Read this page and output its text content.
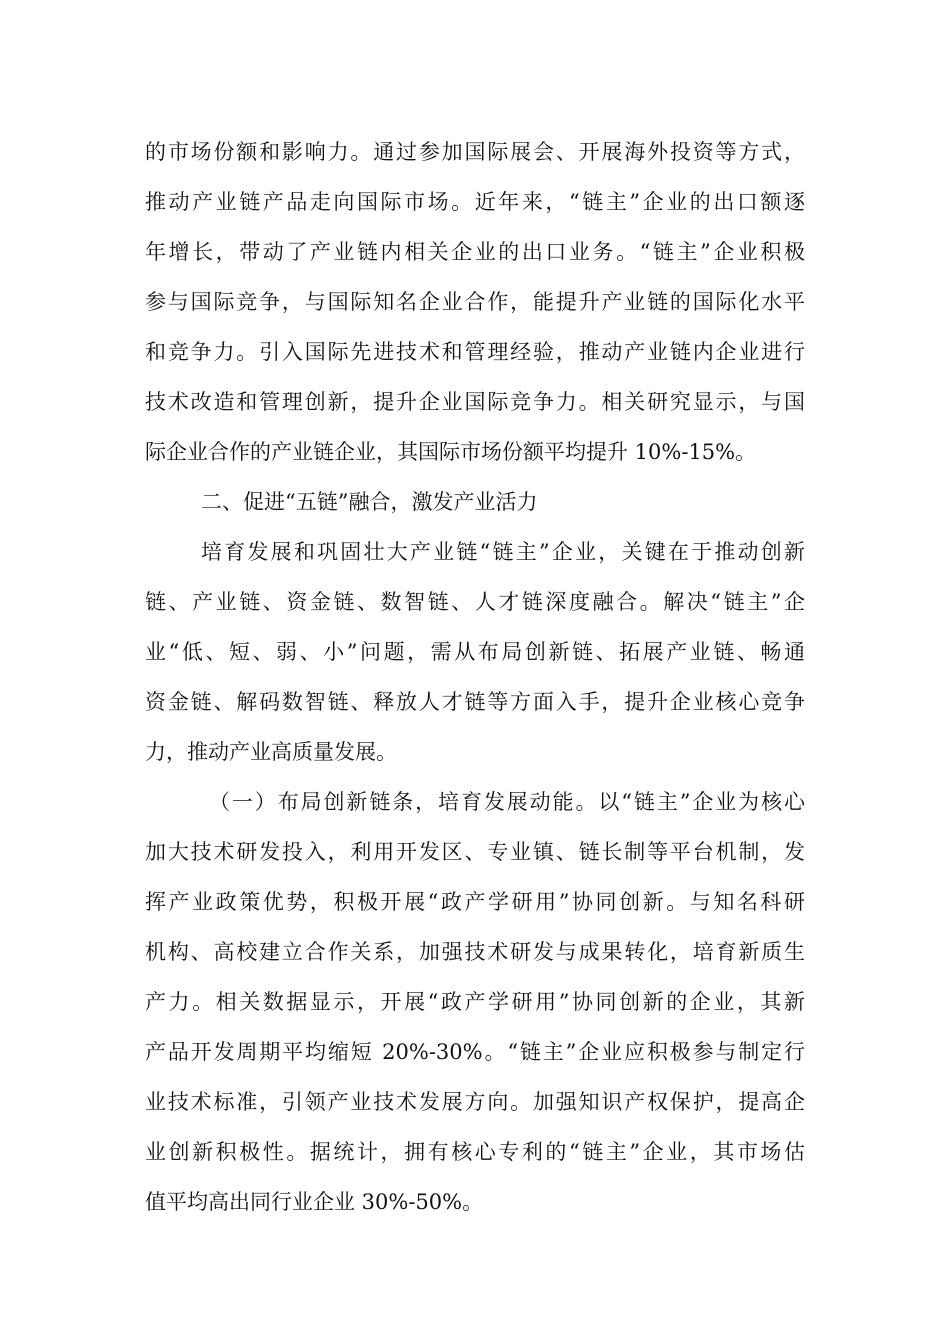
的市场份额和影响力。通过参加国际展会、开展海外投资等方式，
推动产业链产品走向国际市场。近年来，“链主”企业的出口额逐
年增长，带动了产业链内相关企业的出口业务。“链主”企业积极
参与国际竞争，与国际知名企业合作，能提升产业链的国际化水平
和竞争力。引入国际先进技术和管理经验，推动产业链内企业进行
技术改造和管理创新，提升企业国际竞争力。相关研究显示，与国
际企业合作的产业链企业，其国际市场份额平均提升 10%-15%。
二、促进“五链”融合，激发产业活力
培育发展和巩固壮大产业链“链主”企业，关键在于推动创新
链、产业链、资金链、数智链、人才链深度融合。解决“链主”企
业“低、短、弱、小”问题，需从布局创新链、拓展产业链、畅通
资金链、解码数智链、释放人才链等方面入手，提升企业核心竞争
力，推动产业高质量发展。
（一）布局创新链条，培育发展动能。以“链主”企业为核心
加大技术研发投入，利用开发区、专业镇、链长制等平台机制，发
挥产业政策优势，积极开展“政产学研用”协同创新。与知名科研
机构、高校建立合作关系，加强技术研发与成果转化，培育新质生
产力。相关数据显示，开展“政产学研用”协同创新的企业，其新
产品开发周期平均缩短 20%-30%。“链主”企业应积极参与制定行
业技术标准，引领产业技术发展方向。加强知识产权保护，提高企
业创新积极性。据统计，拥有核心专利的“链主”企业，其市场估
值平均高出同行业企业 30%-50%。
